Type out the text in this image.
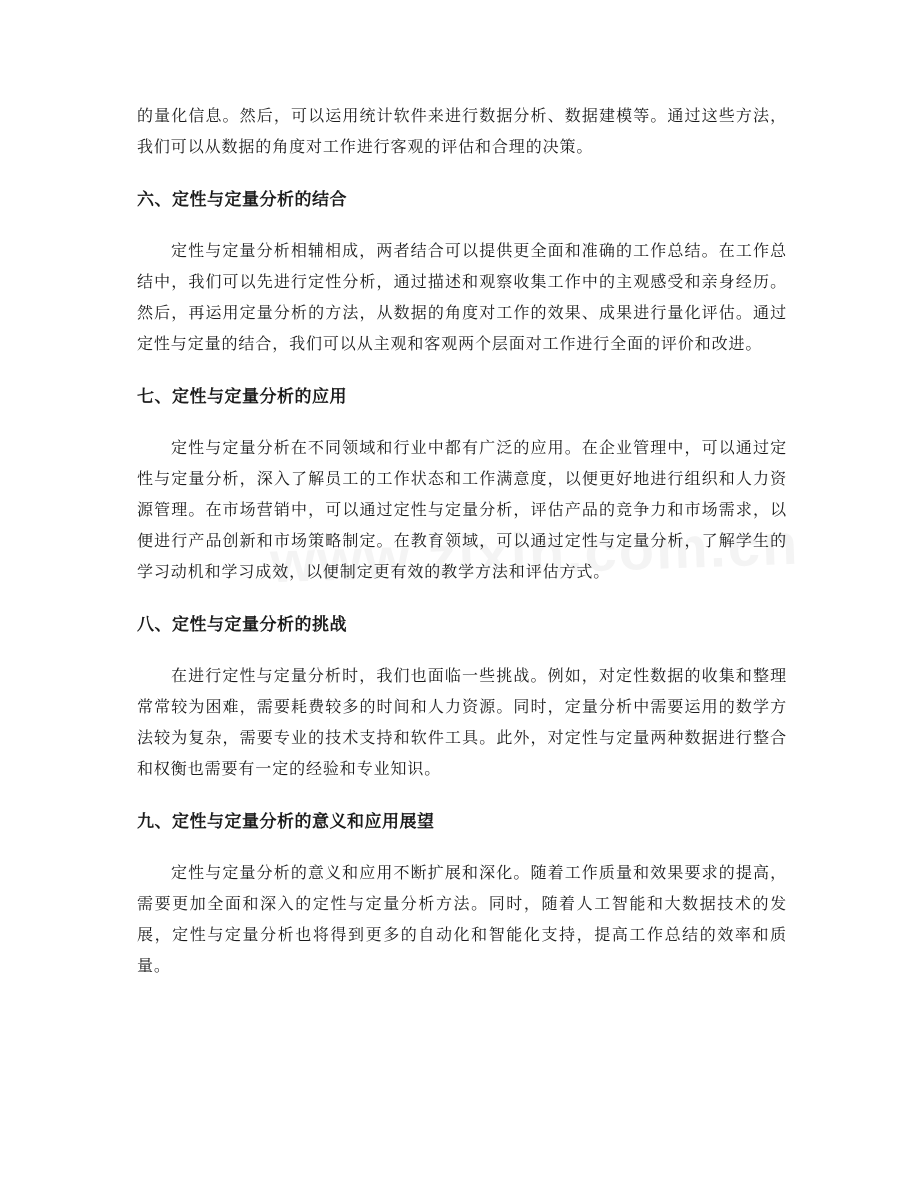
的量化信息。然后，可以运用统计软件来进行数据分析、数据建模等。通过这些方法，我们可以从数据的角度对工作进行客观的评估和合理的决策。

六、定性与定量分析的结合

定性与定量分析相辅相成，两者结合可以提供更全面和准确的工作总结。在工作总结中，我们可以先进行定性分析，通过描述和观察收集工作中的主观感受和亲身经历。然后，再运用定量分析的方法，从数据的角度对工作的效果、成果进行量化评估。通过定性与定量的结合，我们可以从主观和客观两个层面对工作进行全面的评价和改进。

七、定性与定量分析的应用

定性与定量分析在不同领域和行业中都有广泛的应用。在企业管理中，可以通过定性与定量分析，深入了解员工的工作状态和工作满意度，以便更好地进行组织和人力资源管理。在市场营销中，可以通过定性与定量分析，评估产品的竞争力和市场需求，以便进行产品创新和市场策略制定。在教育领域，可以通过定性与定量分析，了解学生的学习动机和学习成效，以便制定更有效的教学方法和评估方式。

八、定性与定量分析的挑战

在进行定性与定量分析时，我们也面临一些挑战。例如，对定性数据的收集和整理常常较为困难，需要耗费较多的时间和人力资源。同时，定量分析中需要运用的数学方法较为复杂，需要专业的技术支持和软件工具。此外，对定性与定量两种数据进行整合和权衡也需要有一定的经验和专业知识。

九、定性与定量分析的意义和应用展望

定性与定量分析的意义和应用不断扩展和深化。随着工作质量和效果要求的提高，需要更加全面和深入的定性与定量分析方法。同时，随着人工智能和大数据技术的发展，定性与定量分析也将得到更多的自动化和智能化支持，提高工作总结的效率和质量。
